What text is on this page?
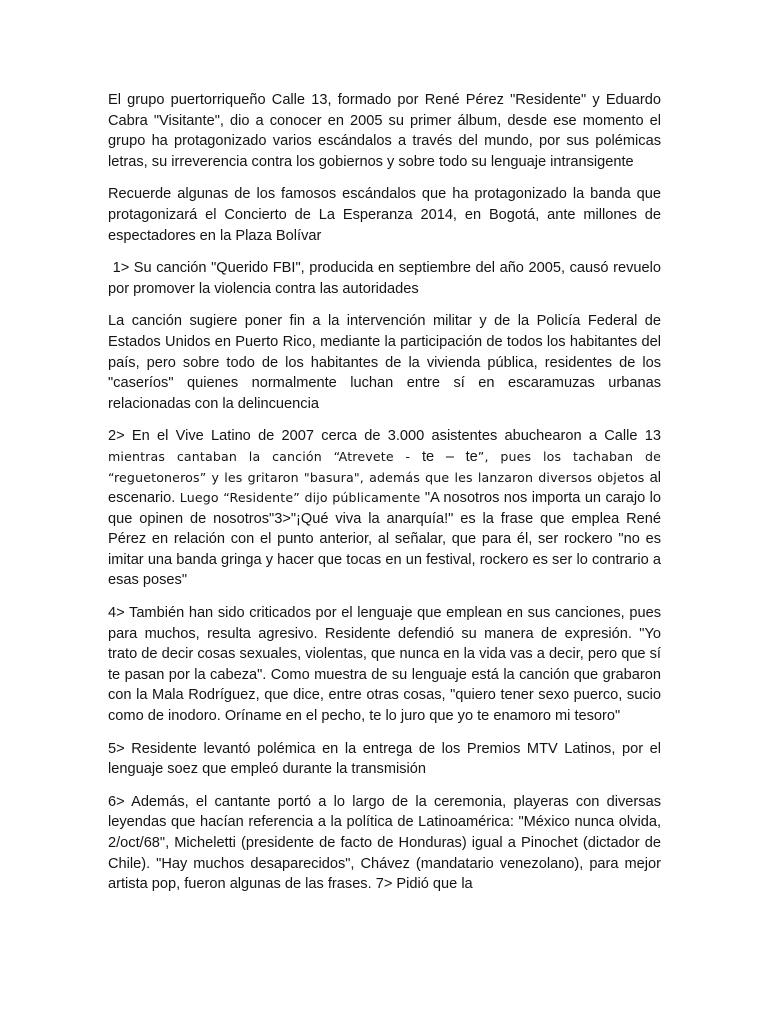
El grupo puertorriqueño Calle 13, formado por René Pérez "Residente" y Eduardo Cabra "Visitante", dio a conocer en 2005 su primer álbum, desde ese momento el grupo ha protagonizado varios escándalos a través del mundo, por sus polémicas letras, su irreverencia contra los gobiernos y sobre todo su lenguaje intransigente

Recuerde algunas de los famosos escándalos que ha protagonizado la banda que protagonizará el Concierto de La Esperanza 2014, en Bogotá, ante millones de espectadores en la Plaza Bolívar

1> Su canción "Querido FBI", producida en septiembre del año 2005, causó revuelo por promover la violencia contra las autoridades

La canción sugiere poner fin a la intervención militar y de la Policía Federal de Estados Unidos en Puerto Rico, mediante la participación de todos los habitantes del país, pero sobre todo de los habitantes de la vivienda pública, residentes de los "caseríos" quienes normalmente luchan entre sí en escaramuzas urbanas relacionadas con la delincuencia

2> En el Vive Latino de 2007 cerca de 3.000 asistentes abuchearon a Calle 13 mientras cantaban la canción “Atrevete - te – te”, pues los tachaban de “reguetoneros” y les gritaron "basura", además que les lanzaron diversos objetos al escenario. Luego “Residente” dijo públicamente "A nosotros nos importa un carajo lo que opinen de nosotros"3>"¡Qué viva la anarquía!" es la frase que emplea René Pérez en relación con el punto anterior, al señalar, que para él, ser rockero "no es imitar una banda gringa y hacer que tocas en un festival, rockero es ser lo contrario a esas poses"

4> También han sido criticados por el lenguaje que emplean en sus canciones, pues para muchos, resulta agresivo. Residente defendió su manera de expresión. "Yo trato de decir cosas sexuales, violentas, que nunca en la vida vas a decir, pero que sí te pasan por la cabeza". Como muestra de su lenguaje está la canción que grabaron con la Mala Rodríguez, que dice, entre otras cosas, "quiero tener sexo puerco, sucio como de inodoro. Oríname en el pecho, te lo juro que yo te enamoro mi tesoro"

5> Residente levantó polémica en la entrega de los Premios MTV Latinos, por el lenguaje soez que empleó durante la transmisión

6> Además, el cantante portó a lo largo de la ceremonia, playeras con diversas leyendas que hacían referencia a la política de Latinoamérica: "México nunca olvida, 2/oct/68", Micheletti (presidente de facto de Honduras) igual a Pinochet (dictador de Chile). "Hay muchos desaparecidos", Chávez (mandatario venezolano), para mejor artista pop, fueron algunas de las frases. 7> Pidió que la
